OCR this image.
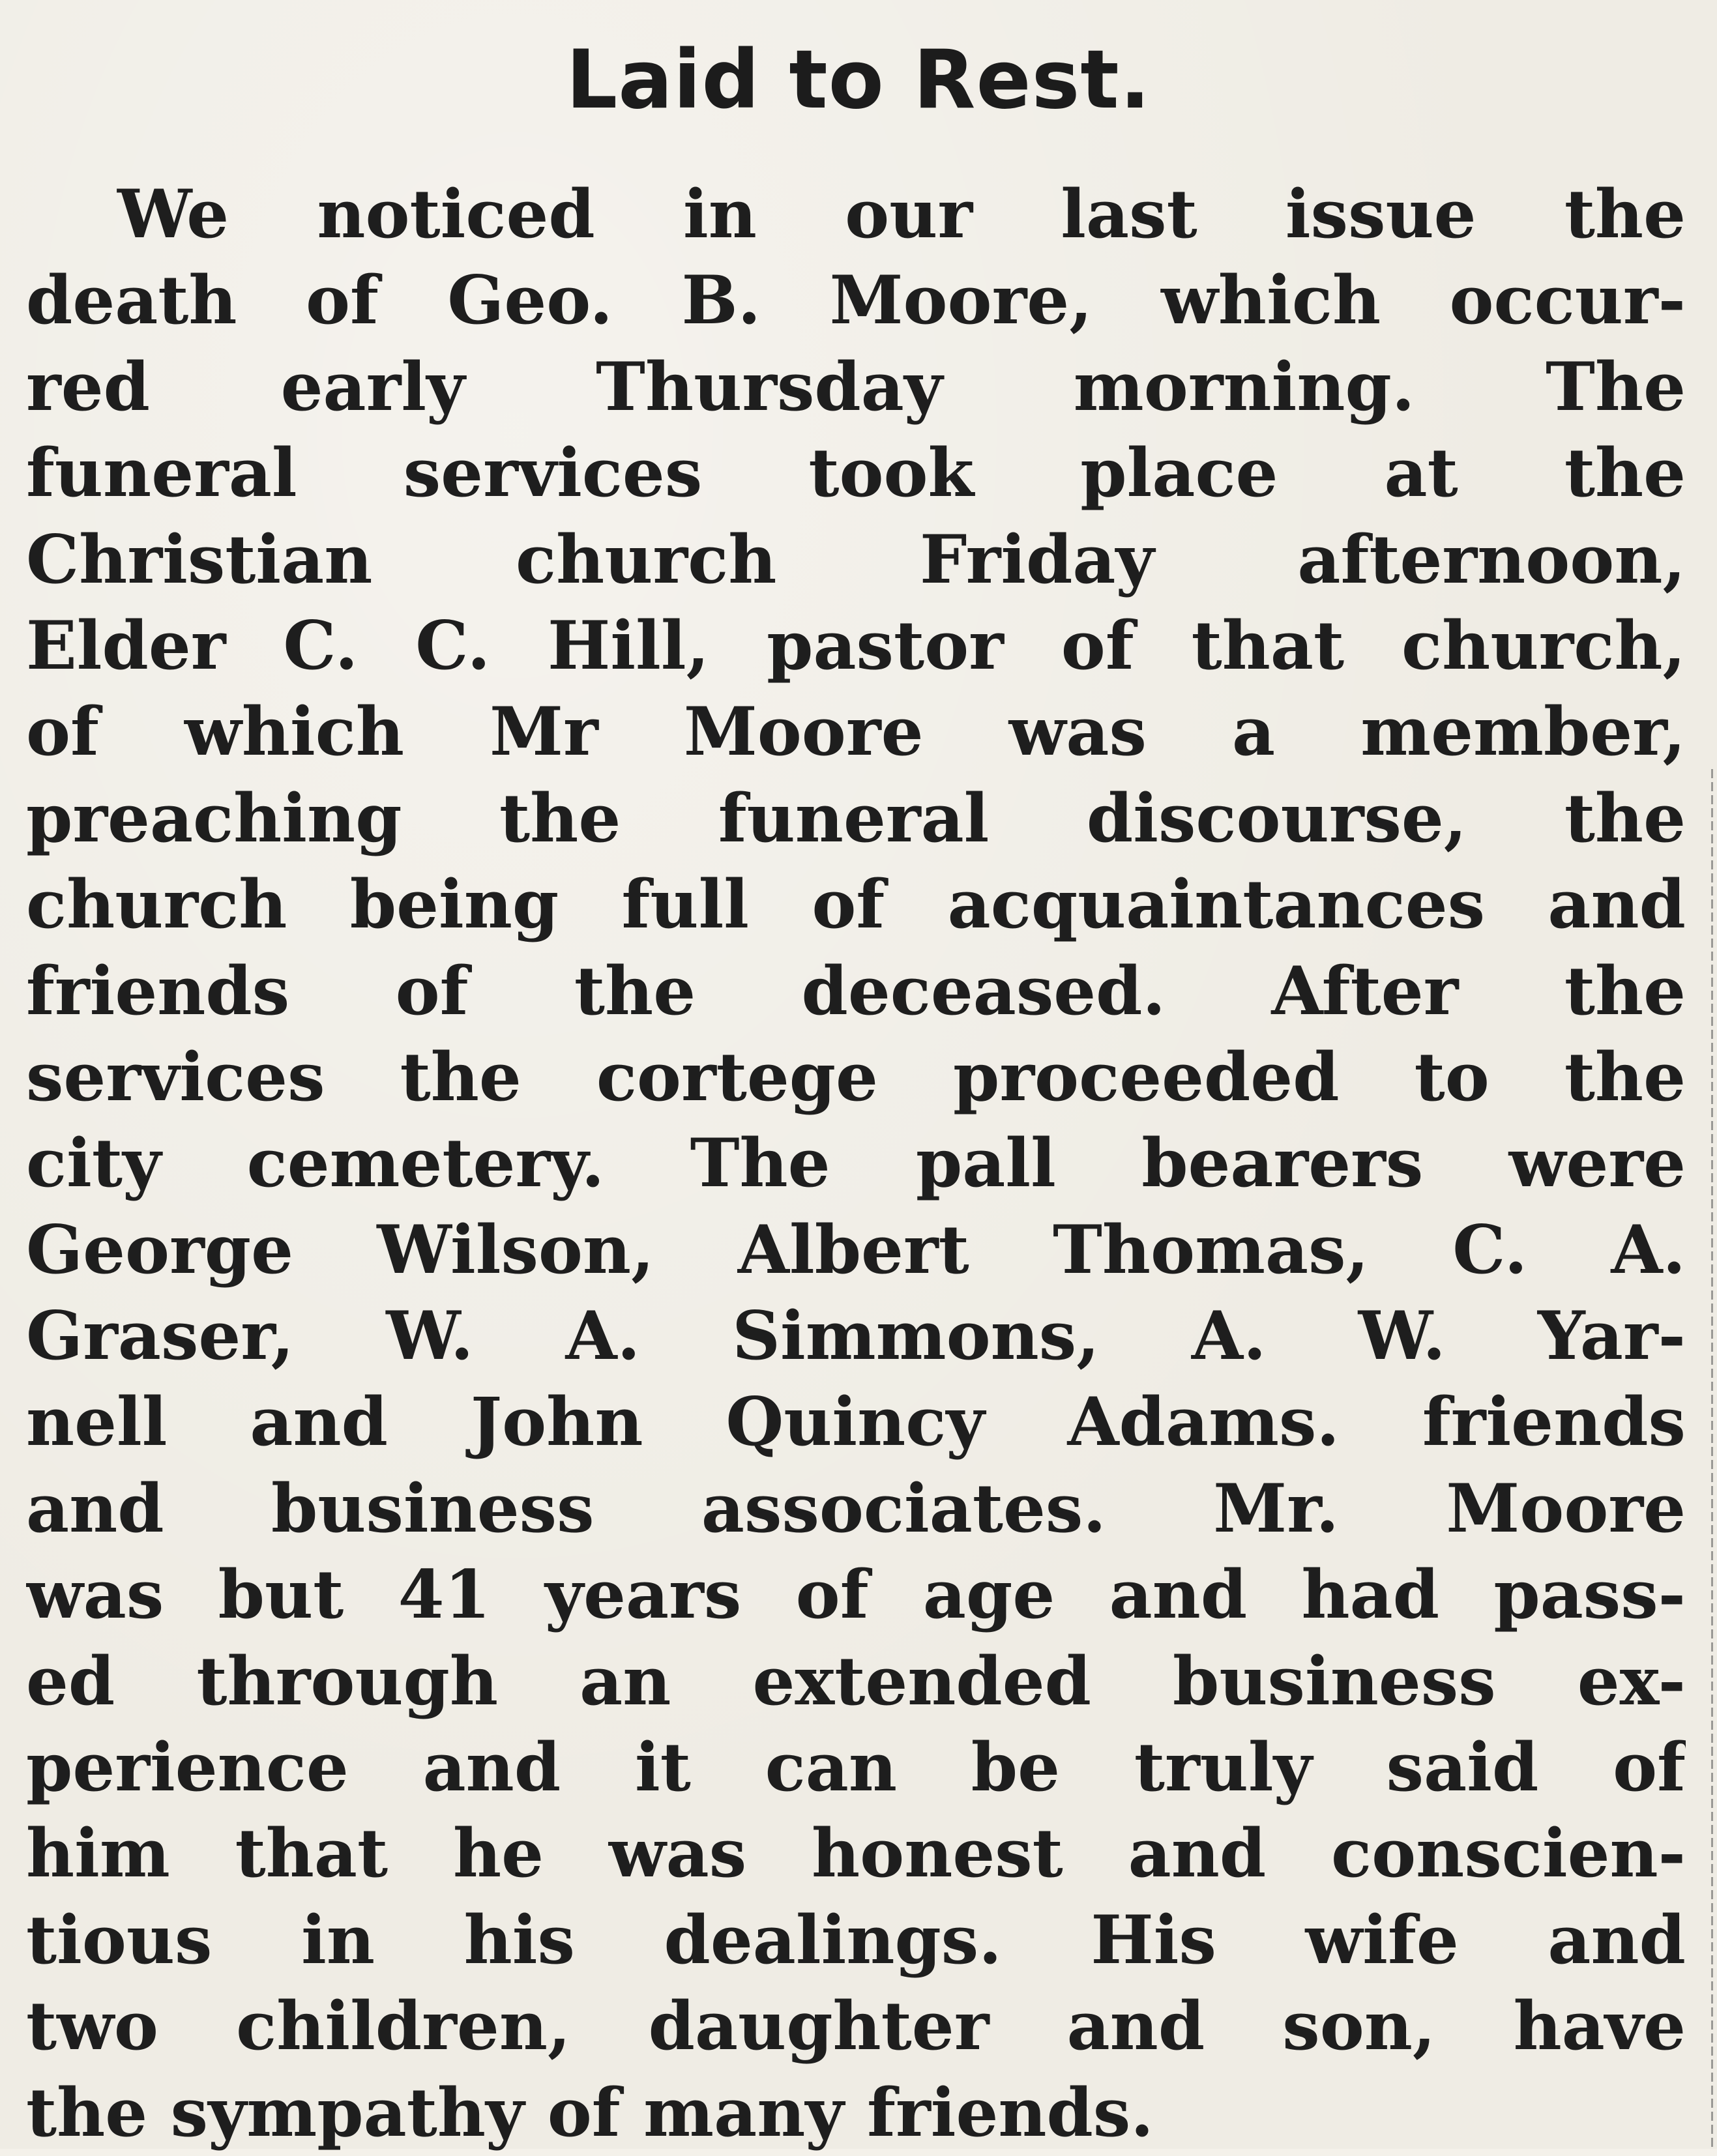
Laid to Rest.
We noticed in our last issue the
death of Geo. B. Moore, which occur-
red early Thursday morning. The
funeral services took place at the
Christian church Friday afternoon,
Elder C. C. Hill, pastor of that church,
of which Mr Moore was a member,
preaching the funeral discourse, the
church being full of acquaintances and
friends of the deceased. After the
services the cortege proceeded to the
city cemetery. The pall bearers were
George Wilson, Albert Thomas, C. A.
Graser, W. A. Simmons, A. W. Yar-
nell and John Quincy Adams. friends
and business associates. Mr. Moore
was but 41 years of age and had pass-
ed through an extended business ex-
perience and it can be truly said of
him that he was honest and conscien-
tious in his dealings. His wife and
two children, daughter and son, have
the sympathy of many friends.
